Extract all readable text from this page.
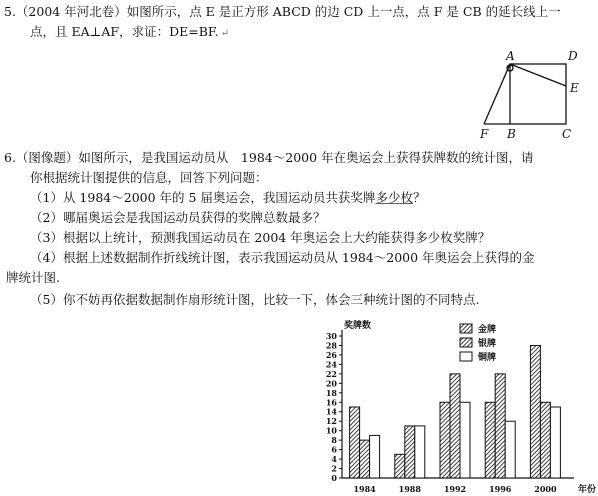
5.（2004 年河北卷）如图所示，点 E 是正方形 ABCD 的边 CD 上一点，点 F 是 CB 的延长线上一
点，且 EA⊥AF，求证：DE=BF. ↵
A	D
E
F B	C
6.（图像题）如图所示，是我国运动员从　1984～2000 年在奥运会上获得获牌数的统计图，请
你根据统计图提供的信息，回答下列问题：
（1）从 1984～2000 年的 5 届奥运会，我国运动员共获奖牌多少枚？
（2）哪届奥运会是我国运动员获得的奖牌总数最多？
（3）根据以上统计，预测我国运动员在 2004 年奥运会上大约能获得多少枚奖牌？
（4）根据上述数据制作折线统计图，表示我国运动员从 1984～2000 年奥运会上获得的金
牌统计图.
（5）你不妨再依据数据制作扇形统计图，比较一下，体会三种统计图的不同特点.
0
2
4
6
8
10
12
14
16
18
20
22
24
26
28
30
奖牌数
年份
1984	1988	1992	1996	2000
金牌
银牌
铜牌
